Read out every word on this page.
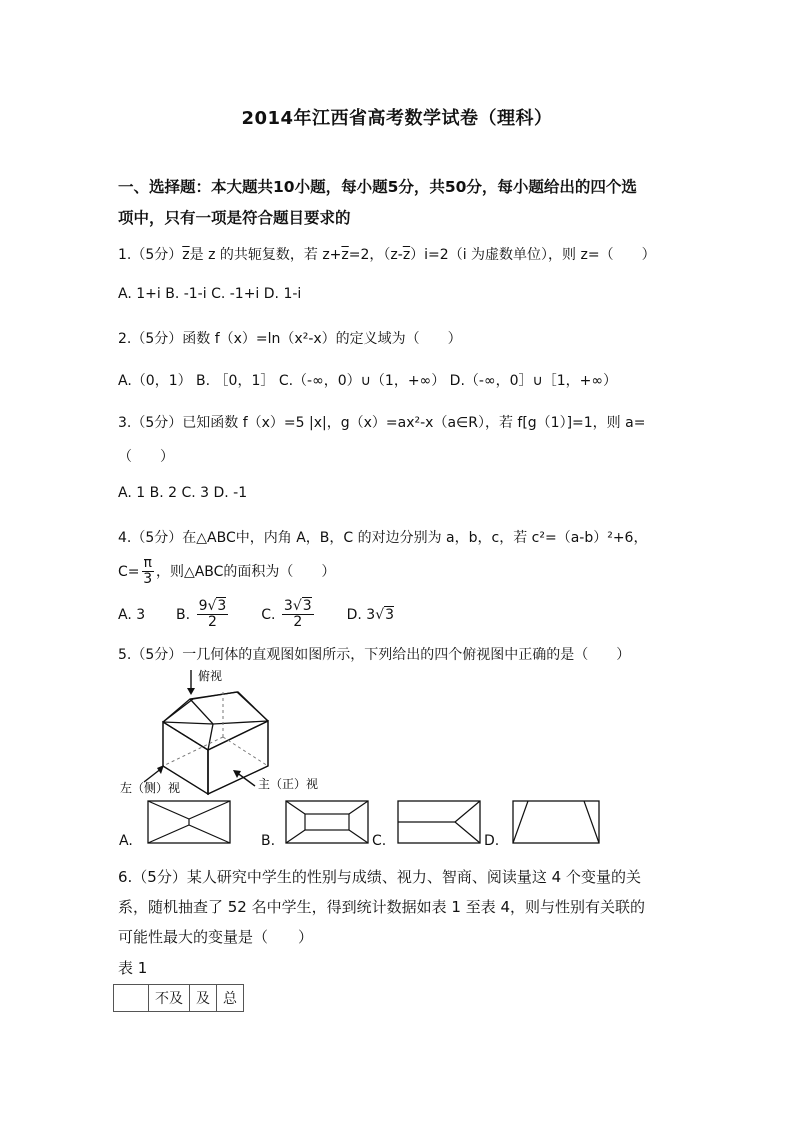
2014年江西省高考数学试卷（理科）
一、选择题：本大题共10小题，每小题5分，共50分，每小题给出的四个选
项中，只有一项是符合题目要求的
1.（5分）$\overline{z}$是 z 的共轭复数，若 $z+\overline{z}=2$，$(z-\overline{z})i=2(i$ 为虚数单位），则 z=（　　）
A. 1+i B. -1-i C. -1+i D. 1-i
2.（5分）函数 f（x）=ln（x²-x）的定义域为（　　）
A.（0，1） B. ［0，1］ C.（-∞，0）∪（1，+∞） D.（-∞，0］∪［1，+∞）
3.（5分）已知函数 f（x）=5 |x|，g（x）=ax²-x（a∈R），若 f[g（1）]=1，则 a=
（　　）
A. 1 B. 2 C. 3 D. -1
4.（5分）在△ABC中，内角 A，B，C 的对边分别为 a，b，c，若 c²=（a-b）²+6，
$C= \frac{\pi}{3}$ ，则△ABC的面积为（　　）
A. 3 B. $\frac{9√3}{2} C$. $\frac{3√3}{2} D$. 3√3
5.（5分）一几何体的直观图如图所示，下列给出的四个俯视图中正确的是（　　）
俯视
左（侧）视	主（正）视
A.	B.	C.	D.
6.（5分）某人研究中学生的性别与成绩、视力、智商、阅读量这 4 个变量的关
系，随机抽查了 52 名中学生，得到统计数据如表 1 至表 4，则与性别有关联的
可能性最大的变量是（　　）
表 1
	不及	及	总
